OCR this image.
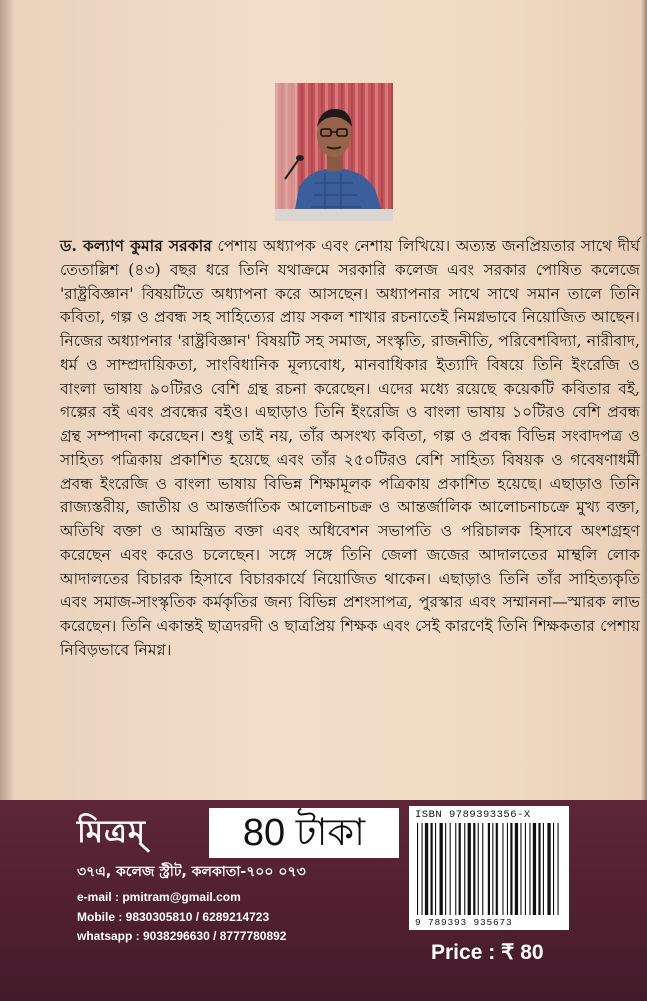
ড. কল্যাণ কুমার সরকার পেশায় অধ্যাপক এবং নেশায় লিখিয়ে। অত্যন্ত জনপ্রিয়তার সাথে দীর্ঘ তেতাল্লিশ (৪৩) বছর ধরে তিনি যথাক্রমে সরকারি কলেজ এবং সরকার পোষিত কলেজে 'রাষ্ট্রবিজ্ঞান' বিষয়টিতে অধ্যাপনা করে আসছেন। অধ্যাপনার সাথে সাথে সমান তালে তিনি কবিতা, গল্প ও প্রবন্ধ সহ সাহিত্যের প্রায় সকল শাখার রচনাতেই নিমগ্নভাবে নিয়োজিত আছেন। নিজের অধ্যাপনার 'রাষ্ট্রবিজ্ঞান' বিষয়টি সহ সমাজ, সংস্কৃতি, রাজনীতি, পরিবেশবিদ্যা, নারীবাদ, ধর্ম ও সাম্প্রদায়িকতা, সাংবিধানিক মূল্যবোধ, মানবাধিকার ইত্যাদি বিষয়ে তিনি ইংরেজি ও বাংলা ভাষায় ৯০টিরও বেশি গ্রন্থ রচনা করেছেন। এদের মধ্যে রয়েছে কয়েকটি কবিতার বই, গল্পের বই এবং প্রবন্ধের বইও। এছাড়াও তিনি ইংরেজি ও বাংলা ভাষায় ১০টিরও বেশি প্রবন্ধ গ্রন্থ সম্পাদনা করেছেন। শুধু তাই নয়, তাঁর অসংখ্য কবিতা, গল্প ও প্রবন্ধ বিভিন্ন সংবাদপত্র ও সাহিত্য পত্রিকায় প্রকাশিত হয়েছে এবং তাঁর ২৫০টিরও বেশি সাহিত্য বিষয়ক ও গবেষণাধর্মী প্রবন্ধ ইংরেজি ও বাংলা ভাষায় বিভিন্ন শিক্ষামূলক পত্রিকায় প্রকাশিত হয়েছে। এছাড়াও তিনি রাজ্যস্তরীয়, জাতীয় ও আন্তর্জাতিক আলোচনাচক্র ও আন্তর্জালিক আলোচনাচক্রে মুখ্য বক্তা, অতিথি বক্তা ও আমন্ত্রিত বক্তা এবং অধিবেশন সভাপতি ও পরিচালক হিসাবে অংশগ্রহণ করেছেন এবং করেও চলেছেন। সঙ্গে সঙ্গে তিনি জেলা জজের আদালতের মাম্থলি লোক আদালতের বিচারক হিসাবে বিচারকার্যে নিয়োজিত থাকেন। এছাড়াও তিনি তাঁর সাহিত্যকৃতি এবং সমাজ-সাংস্কৃতিক কর্মকৃতির জন্য বিভিন্ন প্রশংসাপত্র, পুরস্কার এবং সম্মাননা—স্মারক লাভ করেছেন। তিনি একান্তই ছাত্রদরদী ও ছাত্রপ্রিয় শিক্ষক এবং সেই কারণেই তিনি শিক্ষকতার পেশায় নিবিড়ভাবে নিমগ্ন।
মিত্রম্	80 টাকা
৩৭এ, কলেজ স্ট্রীট, কলকাতা-৭০০ ০৭৩
e-mail : pmitram@gmail.com
Mobile : 9830305810 / 6289214723
whatsapp : 9038296630 / 8777780892
ISBN 9789393356-X
9 789393 935673
Price : ₹ 80
